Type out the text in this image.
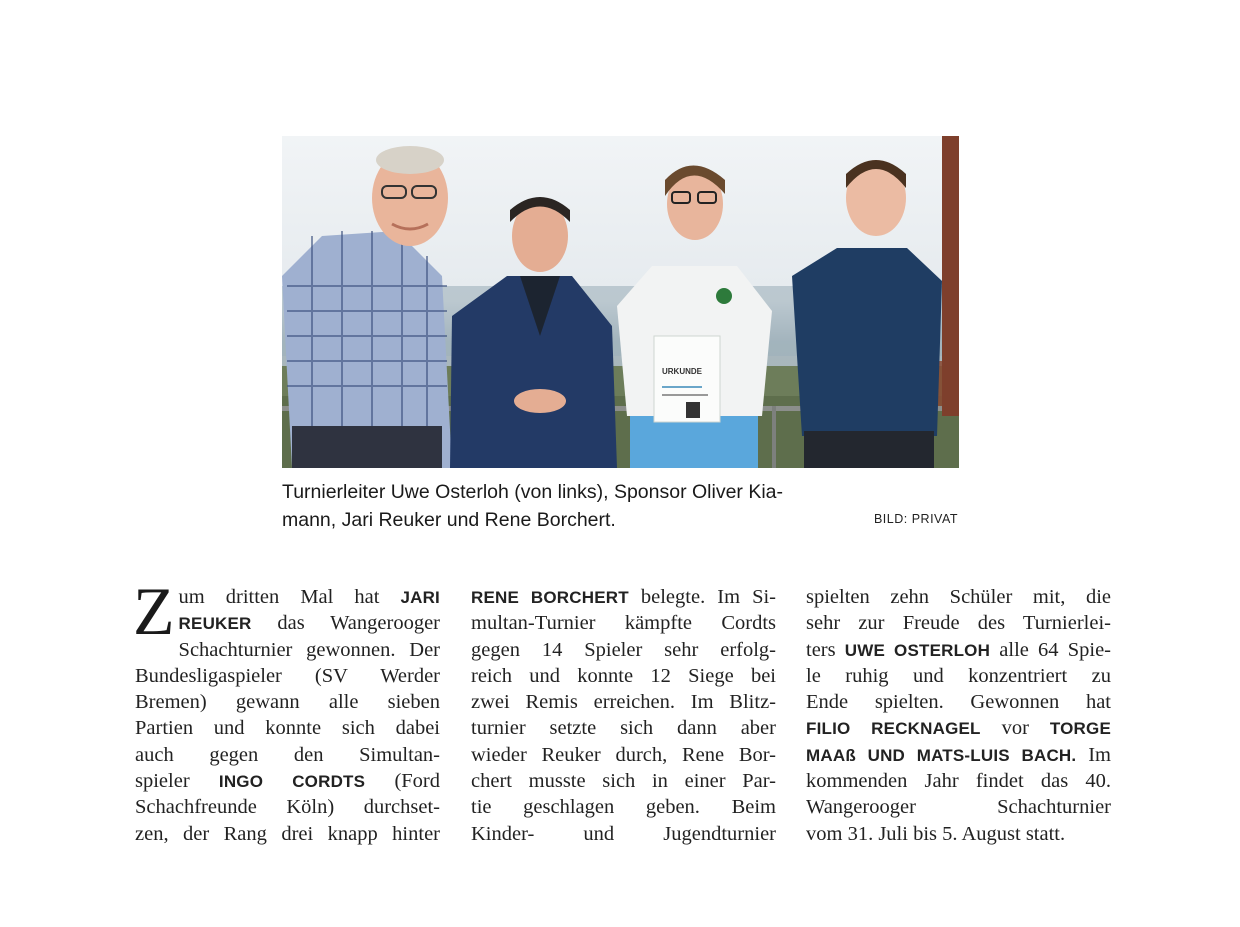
URKUNDE
Turnierleiter Uwe Osterloh (von links), Sponsor Oliver Kia-
mann, Jari Reuker und Rene Borchert.	BILD: PRIVAT
Z um dritten Mal hat JARI
REUKER das Wangerooger
Schachturnier gewonnen. Der
Bundesligaspieler (SV Werder
Bremen) gewann alle sieben
Partien und konnte sich dabei
auch gegen den Simultan-
spieler INGO CORDTS (Ford
Schachfreunde Köln) durchset-
zen, der Rang drei knapp hinter
RENE BORCHERT belegte. Im Si-
multan-Turnier kämpfte Cordts
gegen 14 Spieler sehr erfolg-
reich und konnte 12 Siege bei
zwei Remis erreichen. Im Blitz-
turnier setzte sich dann aber
wieder Reuker durch, Rene Bor-
chert musste sich in einer Par-
tie geschlagen geben. Beim
Kinder- und Jugendturnier
spielten zehn Schüler mit, die
sehr zur Freude des Turnierlei-
ters UWE OSTERLOH alle 64 Spie-
le ruhig und konzentriert zu
Ende spielten. Gewonnen hat
FILIO RECKNAGEL vor TORGE
MAAß UND MATS-LUIS BACH. Im
kommenden Jahr findet das 40.
Wangerooger Schachturnier
vom 31. Juli bis 5. August statt.
